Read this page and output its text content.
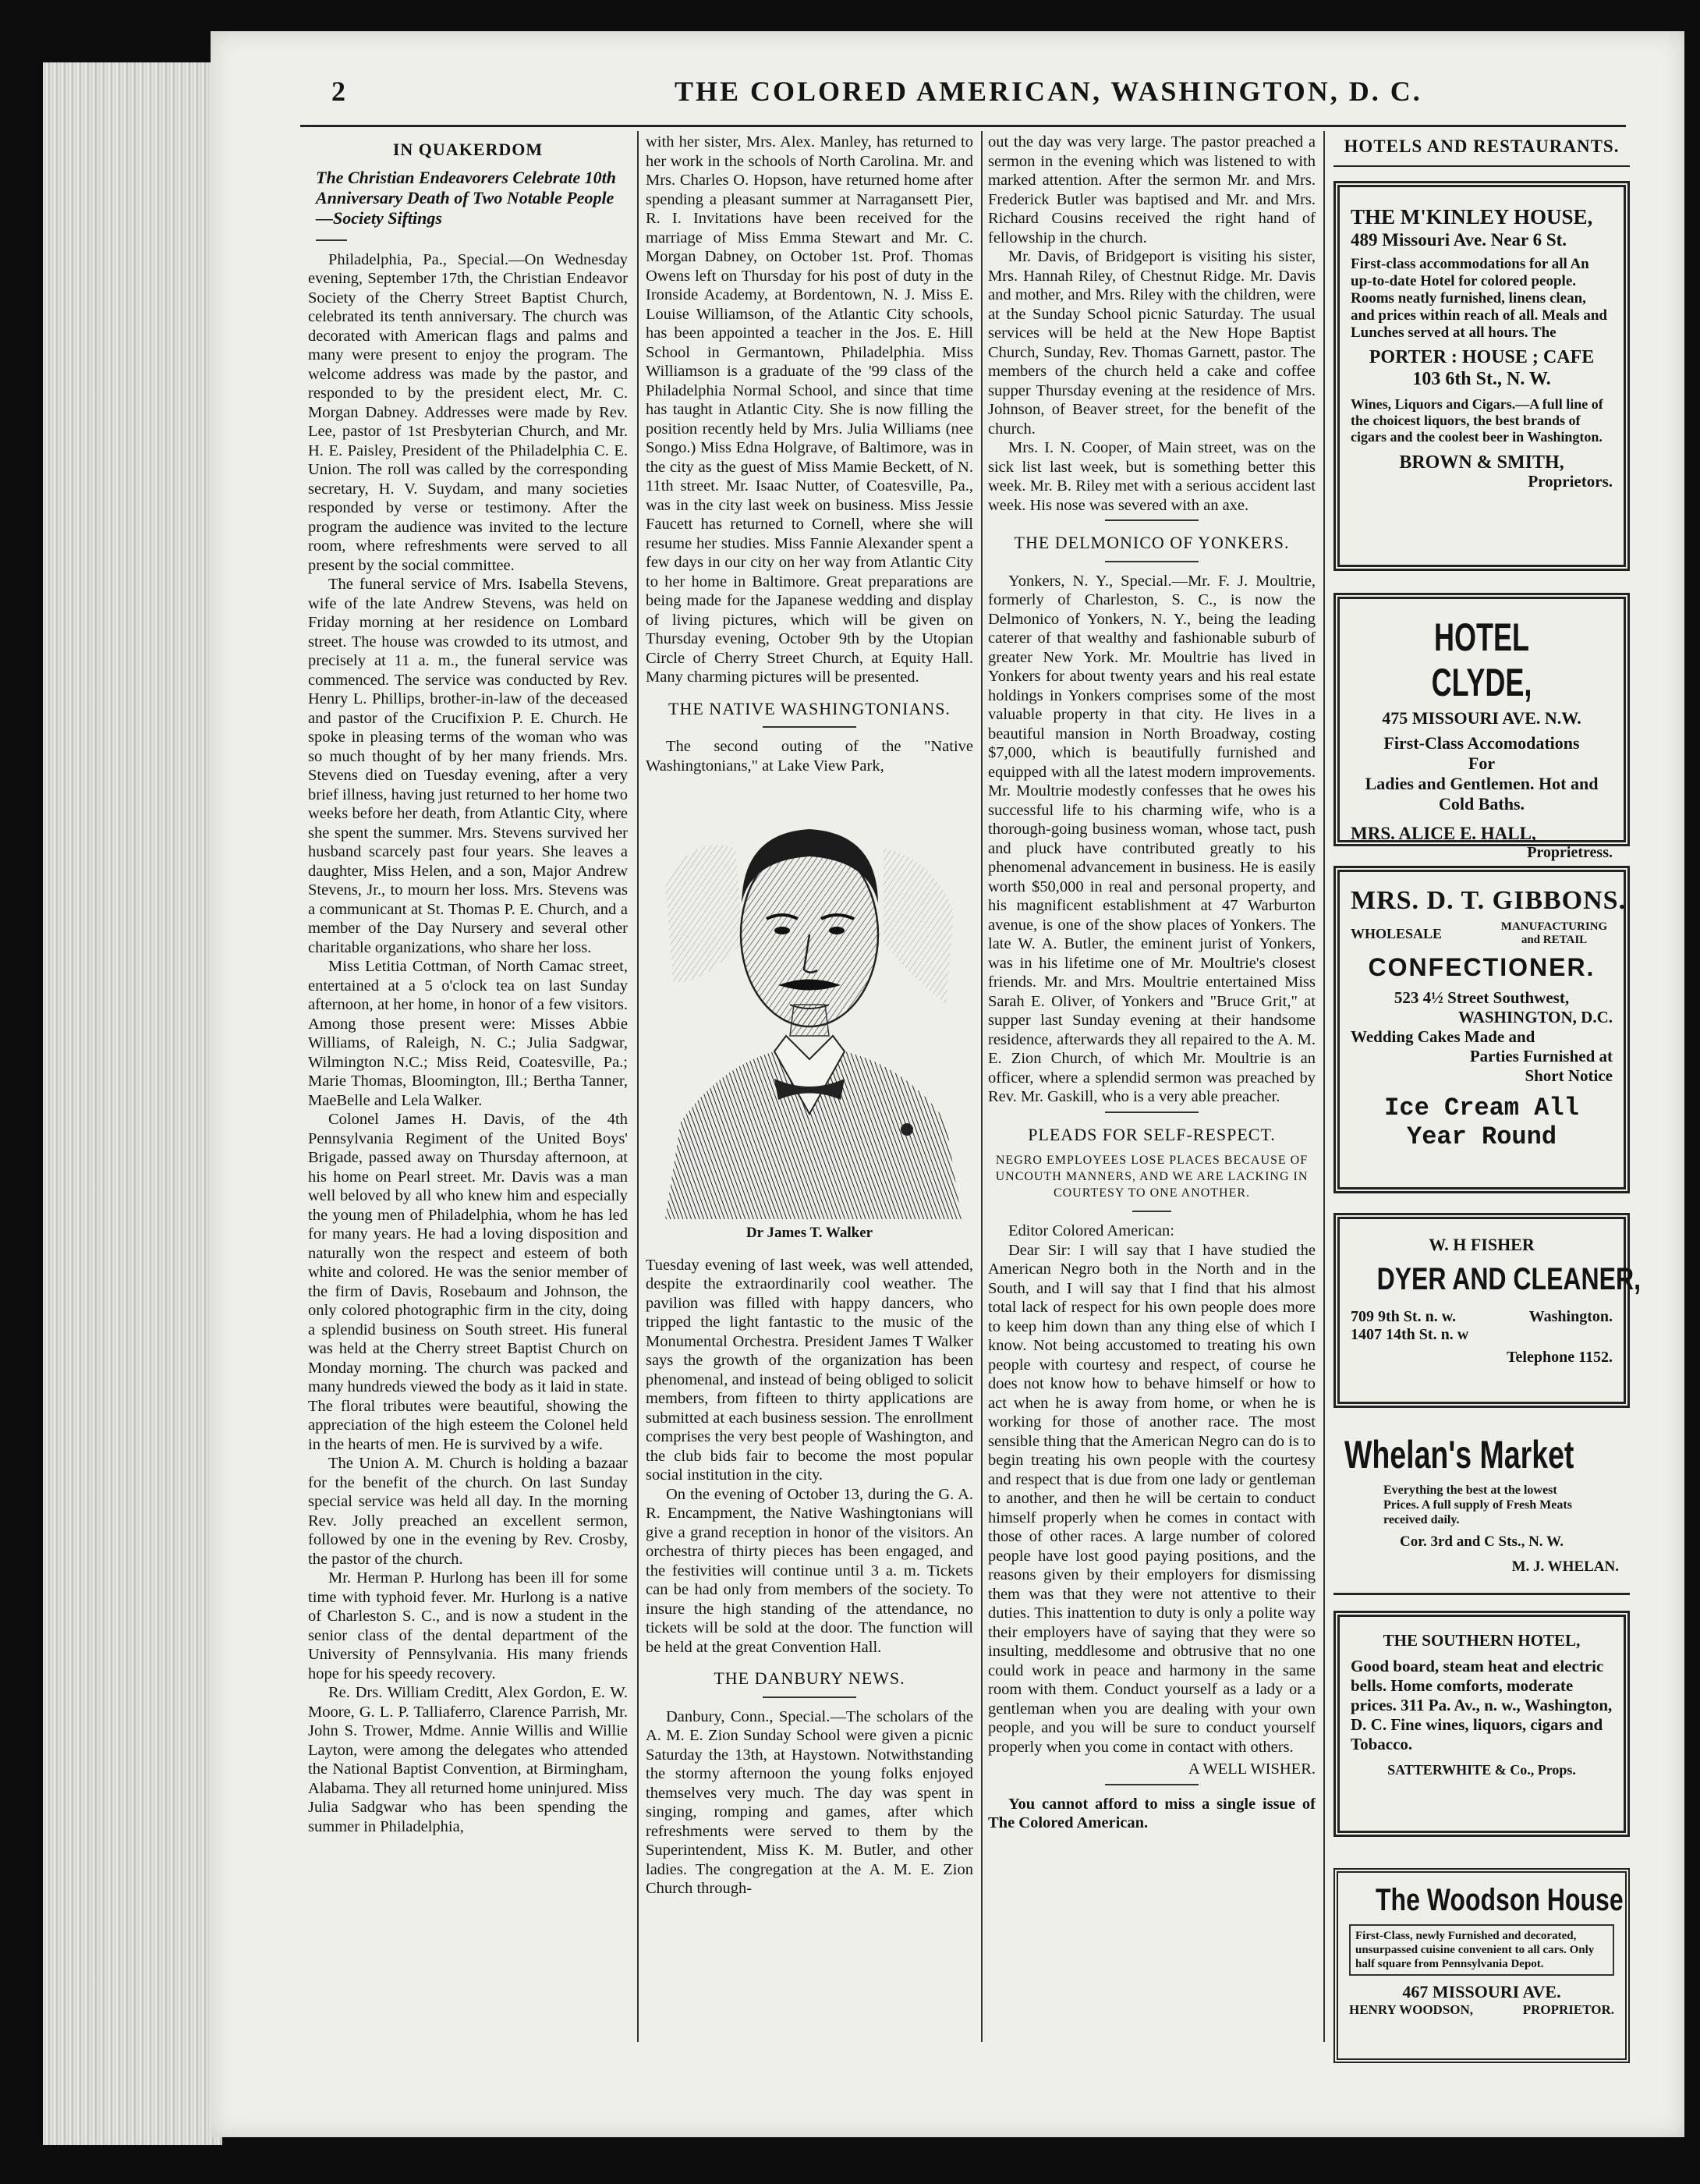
2	THE COLORED AMERICAN, WASHINGTON, D. C.
IN QUAKERDOM
The Christian Endeavorers Celebrate 10th Anniversary Death of Two Notable People—Society Siftings

Philadelphia, Pa., Special.—On Wednesday evening, September 17th, the Christian Endeavor Society of the Cherry Street Baptist Church, celebrated its tenth anniversary. The church was decorated with American flags and palms and many were present to enjoy the program. The welcome address was made by the pastor, and responded to by the president elect, Mr. C. Morgan Dabney. Addresses were made by Rev. Lee, pastor of 1st Presbyterian Church, and Mr. H. E. Paisley, President of the Philadelphia C. E. Union. The roll was called by the corresponding secretary, H. V. Suydam, and many societies responded by verse or testimony. After the program the audience was invited to the lecture room, where refreshments were served to all present by the social committee.

The funeral service of Mrs. Isabella Stevens, wife of the late Andrew Stevens, was held on Friday morning at her residence on Lombard street. The house was crowded to its utmost, and precisely at 11 a. m., the funeral service was commenced. The service was conducted by Rev. Henry L. Phillips, brother-in-law of the deceased and pastor of the Crucifixion P. E. Church. He spoke in pleasing terms of the woman who was so much thought of by her many friends. Mrs. Stevens died on Tuesday evening, after a very brief illness, having just returned to her home two weeks before her death, from Atlantic City, where she spent the summer. Mrs. Stevens survived her husband scarcely past four years. She leaves a daughter, Miss Helen, and a son, Major Andrew Stevens, Jr., to mourn her loss. Mrs. Stevens was a communicant at St. Thomas P. E. Church, and a member of the Day Nursery and several other charitable organizations, who share her loss.

Miss Letitia Cottman, of North Camac street, entertained at a 5 o'clock tea on last Sunday afternoon, at her home, in honor of a few visitors. Among those present were: Misses Abbie Williams, of Raleigh, N. C.; Julia Sadgwar, Wilmington N.C.; Miss Reid, Coatesville, Pa.; Marie Thomas, Bloomington, Ill.; Bertha Tanner, MaeBelle and Lela Walker.

Colonel James H. Davis, of the 4th Pennsylvania Regiment of the United Boys' Brigade, passed away on Thursday afternoon, at his home on Pearl street. Mr. Davis was a man well beloved by all who knew him and especially the young men of Philadelphia, whom he has led for many years. He had a loving disposition and naturally won the respect and esteem of both white and colored. He was the senior member of the firm of Davis, Rosebaum and Johnson, the only colored photographic firm in the city, doing a splendid business on South street. His funeral was held at the Cherry street Baptist Church on Monday morning. The church was packed and many hundreds viewed the body as it laid in state. The floral tributes were beautiful, showing the appreciation of the high esteem the Colonel held in the hearts of men. He is survived by a wife.

The Union A. M. Church is holding a bazaar for the benefit of the church. On last Sunday special service was held all day. In the morning Rev. Jolly preached an excellent sermon, followed by one in the evening by Rev. Crosby, the pastor of the church.

Mr. Herman P. Hurlong has been ill for some time with typhoid fever. Mr. Hurlong is a native of Charleston S. C., and is now a student in the senior class of the dental department of the University of Pennsylvania. His many friends hope for his speedy recovery.

Re. Drs. William Creditt, Alex Gordon, E. W. Moore, G. L. P. Talliaferro, Clarence Parrish, Mr. John S. Trower, Mdme. Annie Willis and Willie Layton, were among the delegates who attended the National Baptist Convention, at Birmingham, Alabama. They all returned home uninjured. Miss Julia Sadgwar who has been spending the summer in Philadelphia,

with her sister, Mrs. Alex. Manley, has returned to her work in the schools of North Carolina. Mr. and Mrs. Charles O. Hopson, have returned home after spending a pleasant summer at Narragansett Pier, R. I. Invitations have been received for the marriage of Miss Emma Stewart and Mr. C. Morgan Dabney, on October 1st. Prof. Thomas Owens left on Thursday for his post of duty in the Ironside Academy, at Bordentown, N. J. Miss E. Louise Williamson, of the Atlantic City schools, has been appointed a teacher in the Jos. E. Hill School in Germantown, Philadelphia. Miss Williamson is a graduate of the '99 class of the Philadelphia Normal School, and since that time has taught in Atlantic City. She is now filling the position recently held by Mrs. Julia Williams (nee Songo.) Miss Edna Holgrave, of Baltimore, was in the city as the guest of Miss Mamie Beckett, of N. 11th street. Mr. Isaac Nutter, of Coatesville, Pa., was in the city last week on business. Miss Jessie Faucett has returned to Cornell, where she will resume her studies. Miss Fannie Alexander spent a few days in our city on her way from Atlantic City to her home in Baltimore. Great preparations are being made for the Japanese wedding and display of living pictures, which will be given on Thursday evening, October 9th by the Utopian Circle of Cherry Street Church, at Equity Hall. Many charming pictures will be presented.

THE NATIVE WASHINGTONIANS.

The second outing of the "Native Washingtonians," at Lake View Park,

Dr James T. Walker

Tuesday evening of last week, was well attended, despite the extraordinarily cool weather. The pavilion was filled with happy dancers, who tripped the light fantastic to the music of the Monumental Orchestra. President James T Walker says the growth of the organization has been phenomenal, and instead of being obliged to solicit members, from fifteen to thirty applications are submitted at each business session. The enrollment comprises the very best people of Washington, and the club bids fair to become the most popular social institution in the city.

On the evening of October 13, during the G. A. R. Encampment, the Native Washingtonians will give a grand reception in honor of the visitors. An orchestra of thirty pieces has been engaged, and the festivities will continue until 3 a. m. Tickets can be had only from members of the society. To insure the high standing of the attendance, no tickets will be sold at the door. The function will be held at the great Convention Hall.

THE DANBURY NEWS.

Danbury, Conn., Special.—The scholars of the A. M. E. Zion Sunday School were given a picnic Saturday the 13th, at Haystown. Notwithstanding the stormy afternoon the young folks enjoyed themselves very much. The day was spent in singing, romping and games, after which refreshments were served to them by the Superintendent, Miss K. M. Butler, and other ladies. The congregation at the A. M. E. Zion Church through-

out the day was very large. The pastor preached a sermon in the evening which was listened to with marked attention. After the sermon Mr. and Mrs. Frederick Butler was baptised and Mr. and Mrs. Richard Cousins received the right hand of fellowship in the church.

Mr. Davis, of Bridgeport is visiting his sister, Mrs. Hannah Riley, of Chestnut Ridge. Mr. Davis and mother, and Mrs. Riley with the children, were at the Sunday School picnic Saturday. The usual services will be held at the New Hope Baptist Church, Sunday, Rev. Thomas Garnett, pastor. The members of the church held a cake and coffee supper Thursday evening at the residence of Mrs. Johnson, of Beaver street, for the benefit of the church.

Mrs. I. N. Cooper, of Main street, was on the sick list last week, but is something better this week. Mr. B. Riley met with a serious accident last week. His nose was severed with an axe.

THE DELMONICO OF YONKERS.

Yonkers, N. Y., Special.—Mr. F. J. Moultrie, formerly of Charleston, S. C., is now the Delmonico of Yonkers, N. Y., being the leading caterer of that wealthy and fashionable suburb of greater New York. Mr. Moultrie has lived in Yonkers for about twenty years and his real estate holdings in Yonkers comprises some of the most valuable property in that city. He lives in a beautiful mansion in North Broadway, costing $7,000, which is beautifully furnished and equipped with all the latest modern improvements. Mr. Moultrie modestly confesses that he owes his successful life to his charming wife, who is a thorough-going business woman, whose tact, push and pluck have contributed greatly to his phenomenal advancement in business. He is easily worth $50,000 in real and personal property, and his magnificent establishment at 47 Warburton avenue, is one of the show places of Yonkers. The late W. A. Butler, the eminent jurist of Yonkers, was in his lifetime one of Mr. Moultrie's closest friends. Mr. and Mrs. Moultrie entertained Miss Sarah E. Oliver, of Yonkers and "Bruce Grit," at supper last Sunday evening at their handsome residence, afterwards they all repaired to the A. M. E. Zion Church, of which Mr. Moultrie is an officer, where a splendid sermon was preached by Rev. Mr. Gaskill, who is a very able preacher.

PLEADS FOR SELF-RESPECT.
NEGRO EMPLOYEES LOSE PLACES BECAUSE OF UNCOUTH MANNERS, AND WE ARE LACKING IN COURTESY TO ONE ANOTHER.

Editor Colored American:

Dear Sir: I will say that I have studied the American Negro both in the North and in the South, and I will say that I find that his almost total lack of respect for his own people does more to keep him down than any thing else of which I know. Not being accustomed to treating his own people with courtesy and respect, of course he does not know how to behave himself or how to act when he is away from home, or when he is working for those of another race. The most sensible thing that the American Negro can do is to begin treating his own people with the courtesy and respect that is due from one lady or gentleman to another, and then he will be certain to conduct himself properly when he comes in contact with those of other races. A large number of colored people have lost good paying positions, and the reasons given by their employers for dismissing them was that they were not attentive to their duties. This inattention to duty is only a polite way their employers have of saying that they were so insulting, meddlesome and obtrusive that no one could work in peace and harmony in the same room with them. Conduct yourself as a lady or a gentleman when you are dealing with your own people, and you will be sure to conduct yourself properly when you come in contact with others.

A WELL WISHER.

You cannot afford to miss a single issue of The Colored American.

HOTELS AND RESTAURANTS.
THE M'KINLEY HOUSE,
489 Missouri Ave. Near 6 St.
First-class accommodations for all An up-to-date Hotel for colored people. Rooms neatly furnished, linens clean, and prices within reach of all. Meals and Lunches served at all hours. The
PORTER : HOUSE ; CAFE
103 6th St., N. W.
Wines, Liquors and Cigars.—A full line of the choicest liquors, the best brands of cigars and the coolest beer in Washington.
BROWN & SMITH,
Proprietors.
HOTEL CLYDE,
475 MISSOURI AVE. N.W.
First-Class Accomodations
For
Ladies and Gentlemen. Hot and Cold Baths.
MRS. ALICE E. HALL,
Proprietress.
MRS. D. T. GIBBONS.
WHOLESALE	MANUFACTURING and RETAIL
CONFECTIONER.
523 4½ Street Southwest,
WASHINGTON, D.C.
Wedding Cakes Made and
Parties Furnished at
Short Notice
Ice Cream All
Year Round
W. H FISHER
DYER AND CLEANER,
709 9th St. n. w.	Washington.
1407 14th St. n. w
Telephone 1152.
Whelan's Market
Everything the best at the lowest Prices. A full supply of Fresh Meats received daily.
Cor. 3rd and C Sts., N. W.
M. J. WHELAN.
THE SOUTHERN HOTEL,
Good board, steam heat and electric bells. Home comforts, moderate prices. 311 Pa. Av., n. w., Washington, D. C. Fine wines, liquors, cigars and Tobacco.
SATTERWHITE & Co., Props.
The Woodson House
First-Class, newly Furnished and decorated, unsurpassed cuisine convenient to all cars. Only half square from Pennsylvania Depot.
467 MISSOURI AVE.
HENRY WOODSON,	PROPRIETOR.
